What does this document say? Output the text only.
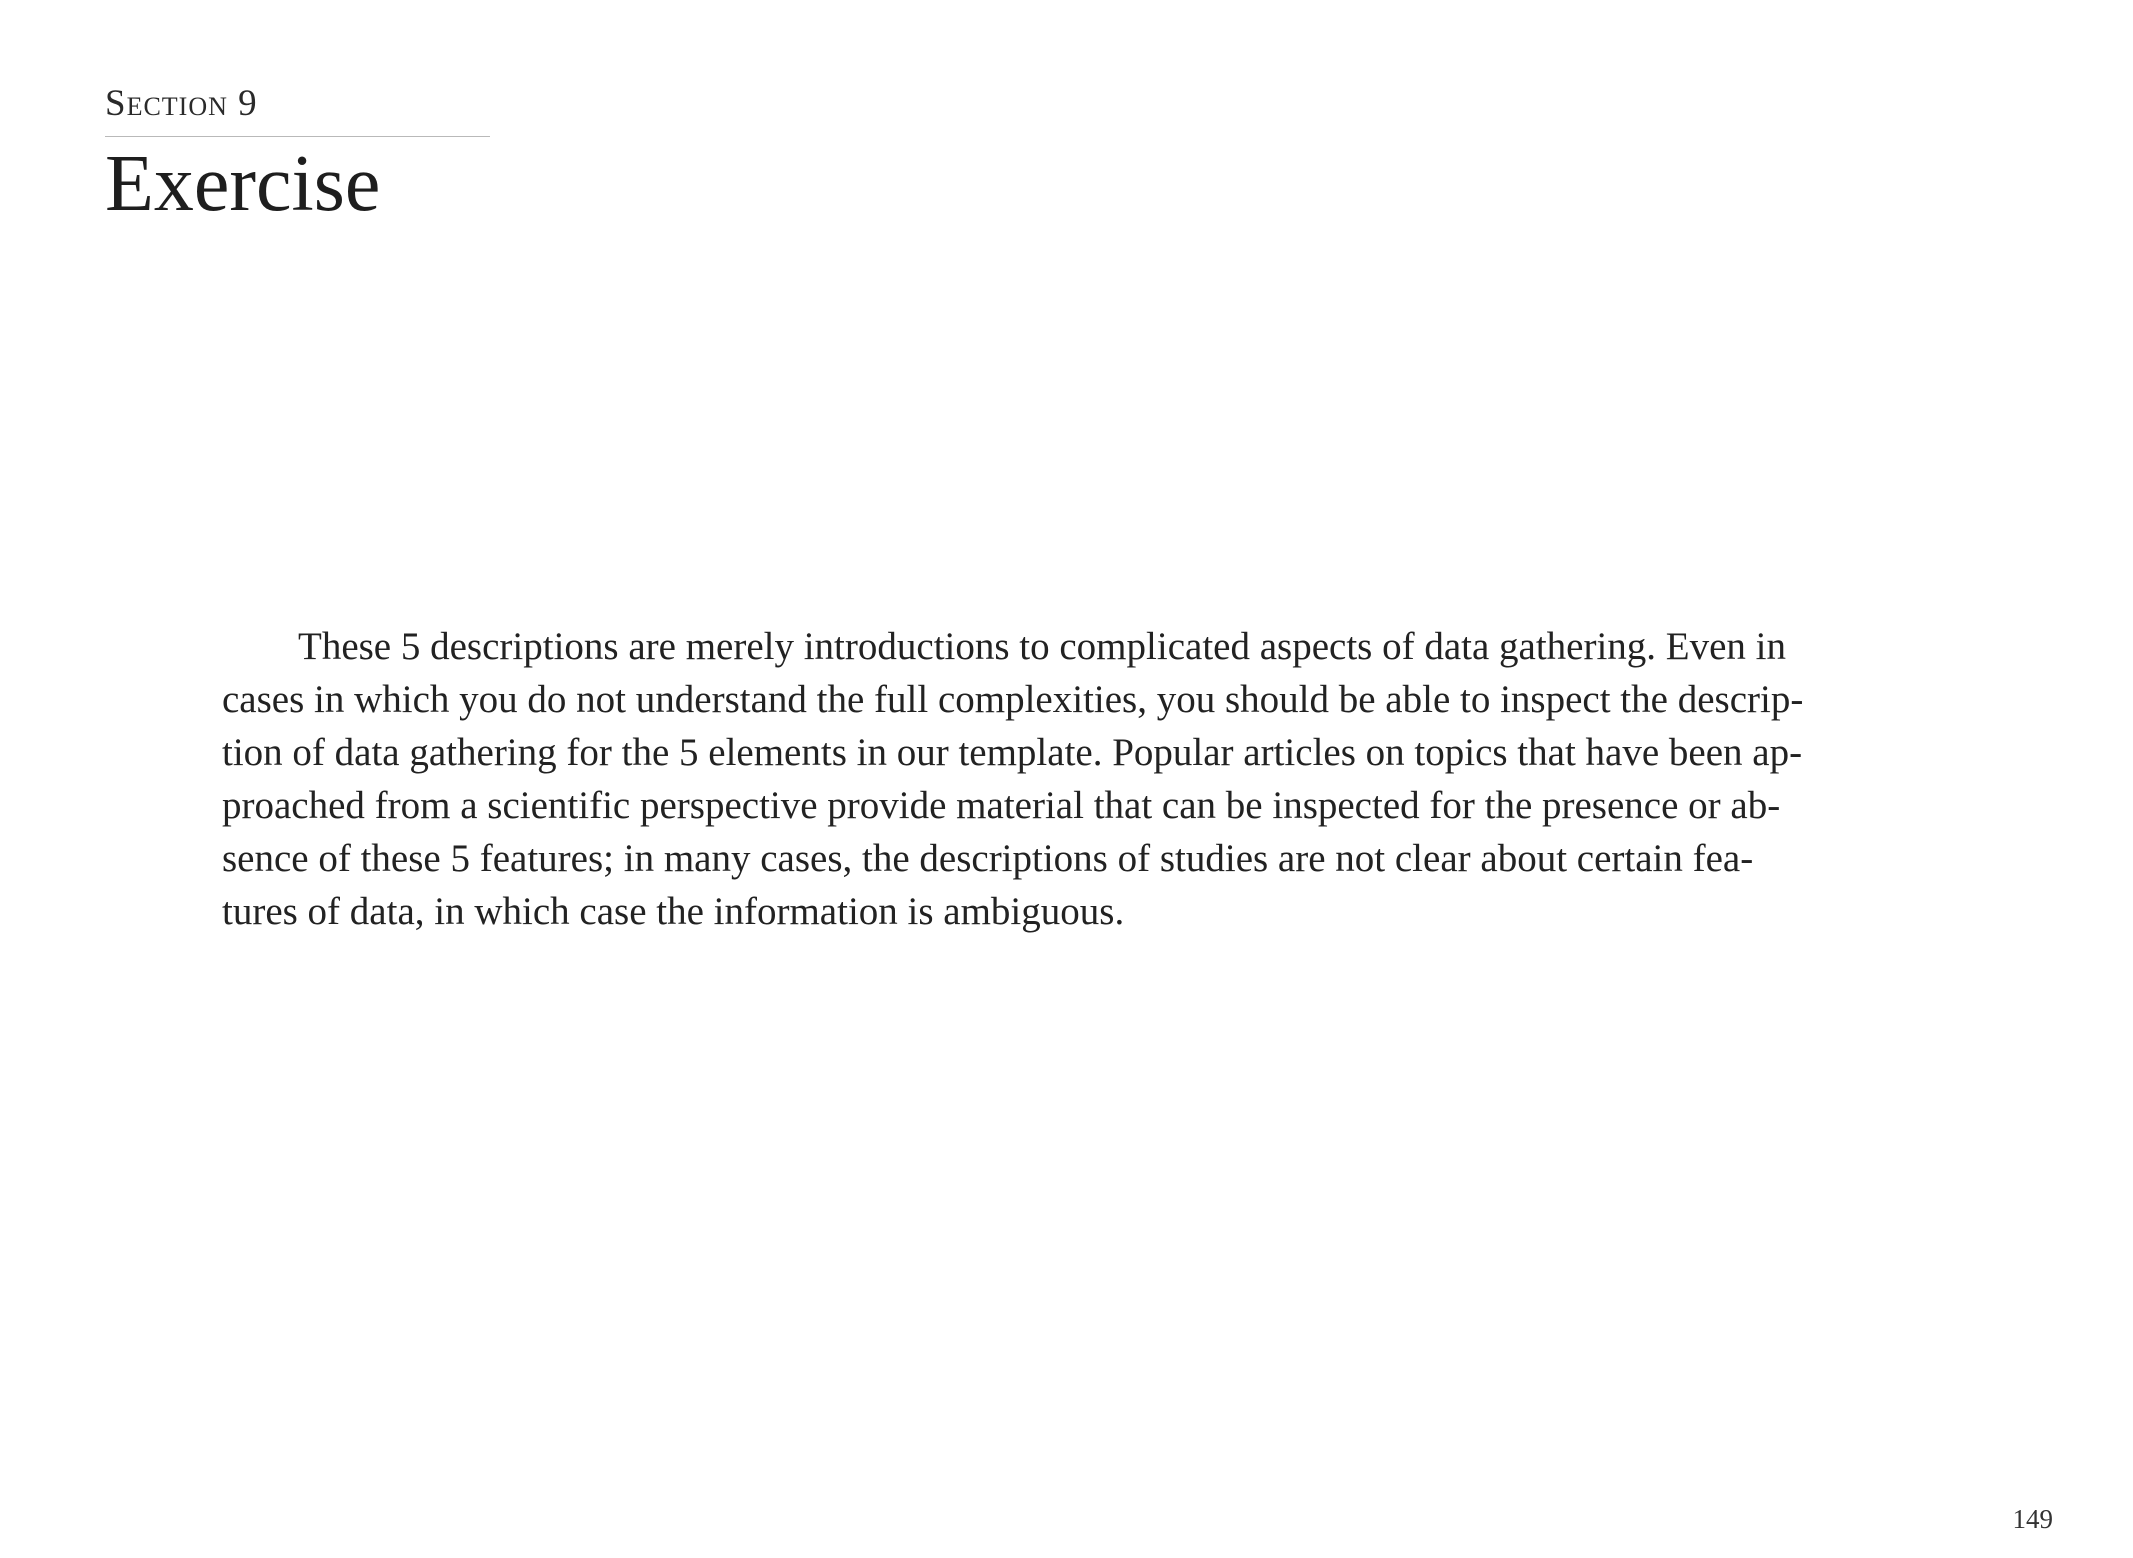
Section 9
Exercise
These 5 descriptions are merely introductions to complicated aspects of data gathering. Even in
cases in which you do not understand the full complexities, you should be able to inspect the descrip-
tion of data gathering for the 5 elements in our template. Popular articles on topics that have been ap-
proached from a scientific perspective provide material that can be inspected for the presence or ab-
sence of these 5 features; in many cases, the descriptions of studies are not clear about certain fea-
tures of data, in which case the information is ambiguous.
149
